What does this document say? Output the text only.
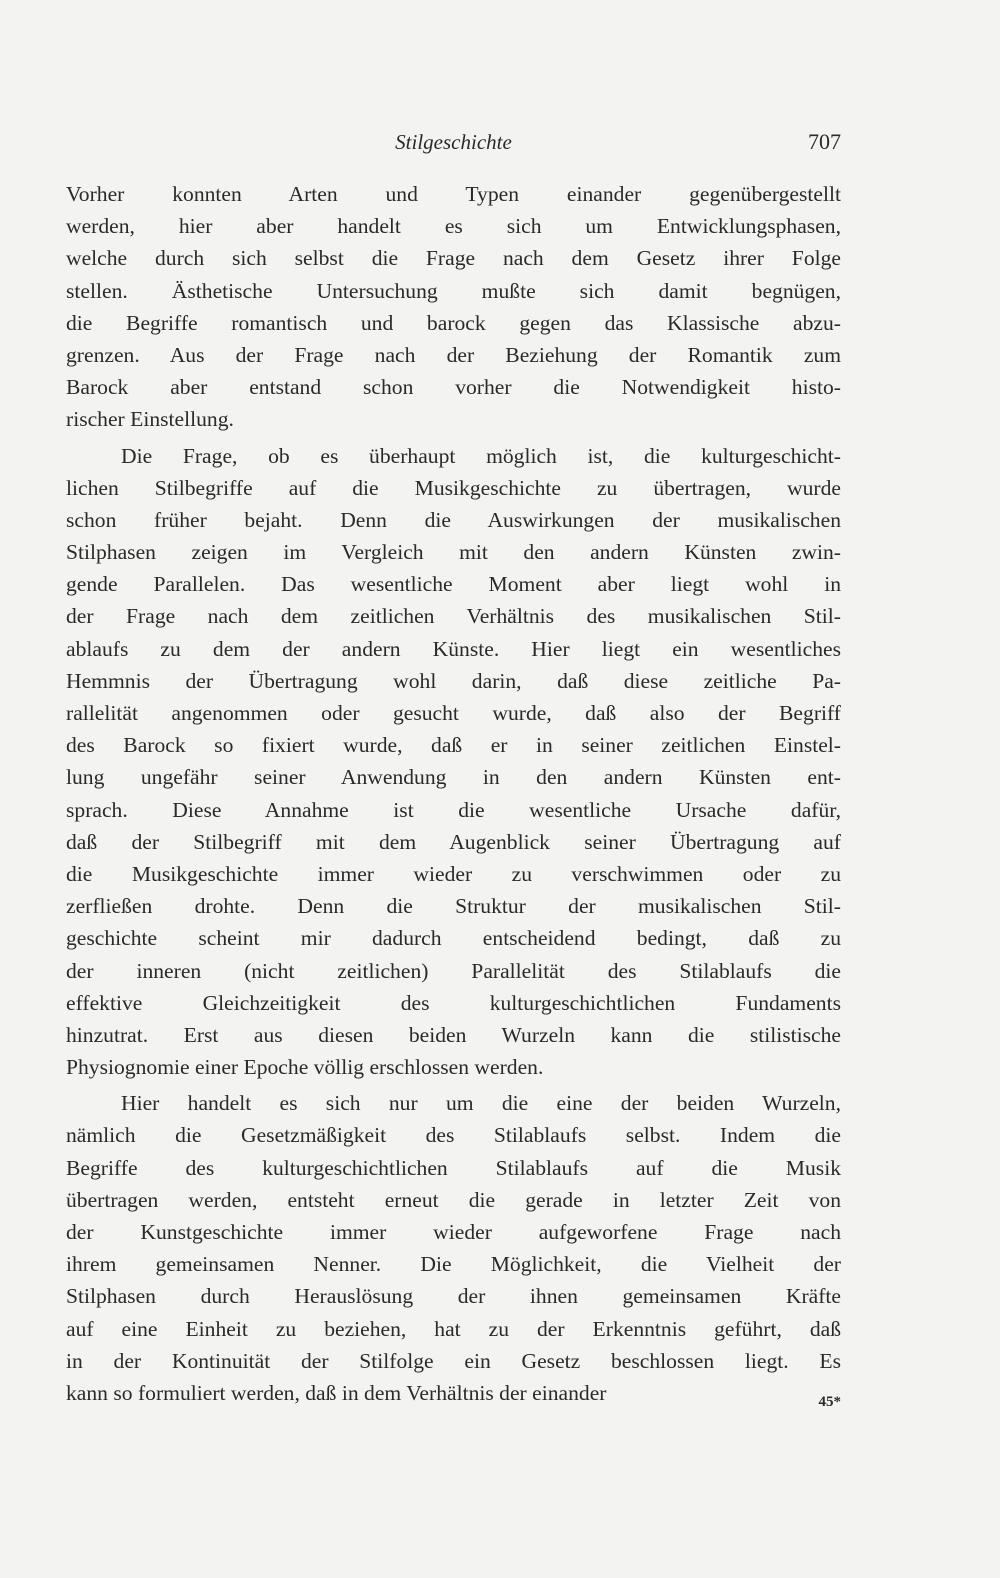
Stilgeschichte	707
Vorher konnten Arten und Typen einander gegenübergestellt
werden, hier aber handelt es sich um Entwicklungsphasen,
welche durch sich selbst die Frage nach dem Gesetz ihrer Folge
stellen. Ästhetische Untersuchung mußte sich damit begnügen,
die Begriffe romantisch und barock gegen das Klassische abzu-
grenzen. Aus der Frage nach der Beziehung der Romantik zum
Barock aber entstand schon vorher die Notwendigkeit histo-
rischer Einstellung.
Die Frage, ob es überhaupt möglich ist, die kulturgeschicht-
lichen Stilbegriffe auf die Musikgeschichte zu übertragen, wurde
schon früher bejaht. Denn die Auswirkungen der musikalischen
Stilphasen zeigen im Vergleich mit den andern Künsten zwin-
gende Parallelen. Das wesentliche Moment aber liegt wohl in
der Frage nach dem zeitlichen Verhältnis des musikalischen Stil-
ablaufs zu dem der andern Künste. Hier liegt ein wesentliches
Hemmnis der Übertragung wohl darin, daß diese zeitliche Pa-
rallelität angenommen oder gesucht wurde, daß also der Begriff
des Barock so fixiert wurde, daß er in seiner zeitlichen Einstel-
lung ungefähr seiner Anwendung in den andern Künsten ent-
sprach. Diese Annahme ist die wesentliche Ursache dafür,
daß der Stilbegriff mit dem Augenblick seiner Übertragung auf
die Musikgeschichte immer wieder zu verschwimmen oder zu
zerfließen drohte. Denn die Struktur der musikalischen Stil-
geschichte scheint mir dadurch entscheidend bedingt, daß zu
der inneren (nicht zeitlichen) Parallelität des Stilablaufs die
effektive Gleichzeitigkeit des kulturgeschichtlichen Fundaments
hinzutrat. Erst aus diesen beiden Wurzeln kann die stilistische
Physiognomie einer Epoche völlig erschlossen werden.
Hier handelt es sich nur um die eine der beiden Wurzeln,
nämlich die Gesetzmäßigkeit des Stilablaufs selbst. Indem die
Begriffe des kulturgeschichtlichen Stilablaufs auf die Musik
übertragen werden, entsteht erneut die gerade in letzter Zeit von
der Kunstgeschichte immer wieder aufgeworfene Frage nach
ihrem gemeinsamen Nenner. Die Möglichkeit, die Vielheit der
Stilphasen durch Herauslösung der ihnen gemeinsamen Kräfte
auf eine Einheit zu beziehen, hat zu der Erkenntnis geführt, daß
in der Kontinuität der Stilfolge ein Gesetz beschlossen liegt. Es
kann so formuliert werden, daß in dem Verhältnis der einander	45*
